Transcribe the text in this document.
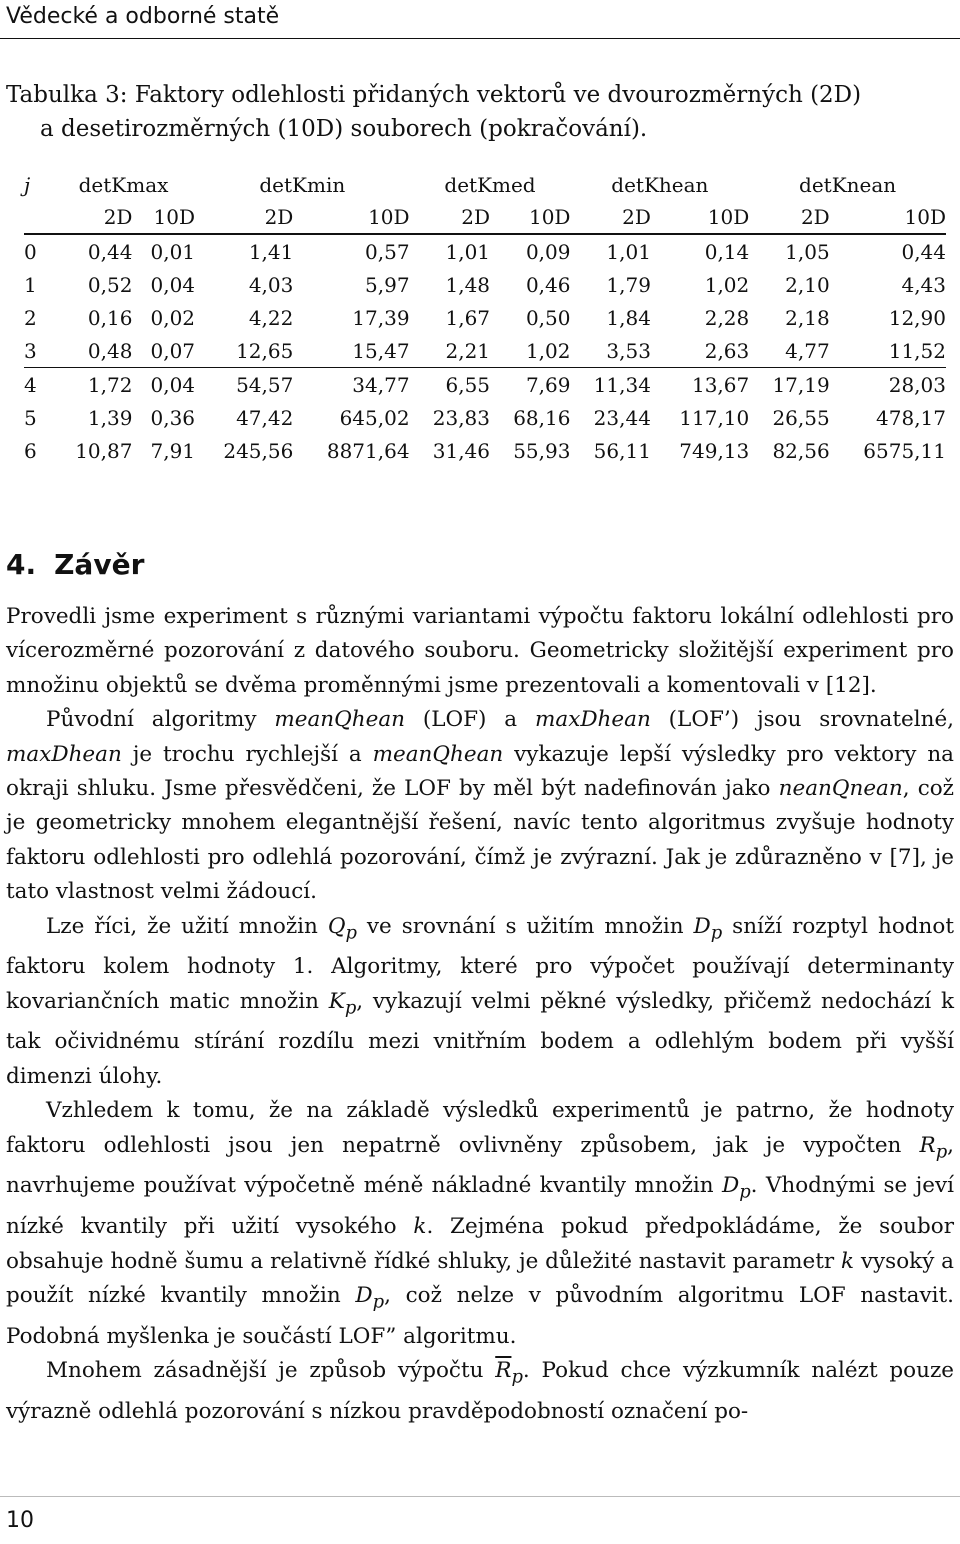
Vědecké a odborné statě
Tabulka 3: Faktory odlehlosti přidaných vektorů ve dvourozměrných (2D)
a desetirozměrných (10D) souborech (pokračování).
j	detKmax		detKmin		detKmed		detKhean		detKnean	
	2D	10D	2D	10D	2D	10D	2D	10D	2D	10D
0	0,44	0,01	1,41	0,57	1,01	0,09	1,01	0,14	1,05	0,44
1	0,52	0,04	4,03	5,97	1,48	0,46	1,79	1,02	2,10	4,43
2	0,16	0,02	4,22	17,39	1,67	0,50	1,84	2,28	2,18	12,90
3	0,48	0,07	12,65	15,47	2,21	1,02	3,53	2,63	4,77	11,52
4	1,72	0,04	54,57	34,77	6,55	7,69	11,34	13,67	17,19	28,03
5	1,39	0,36	47,42	645,02	23,83	68,16	23,44	117,10	26,55	478,17
6	10,87	7,91	245,56	8871,64	31,46	55,93	56,11	749,13	82,56	6575,11
4. Závěr

Provedli jsme experiment s různými variantami výpočtu faktoru lokální odlehlosti pro vícerozměrné pozorování z datového souboru. Geometricky složitější experiment pro množinu objektů se dvěma proměnnými jsme prezentovali a komentovali v [12].

Původní algoritmy meanQhean (LOF) a maxDhean (LOF’) jsou srovnatelné, maxDhean je trochu rychlejší a meanQhean vykazuje lepší výsledky pro vektory na okraji shluku. Jsme přesvědčeni, že LOF by měl být nadefinován jako neanQnean, což je geometricky mnohem elegantnější řešení, navíc tento algoritmus zvyšuje hodnoty faktoru odlehlosti pro odlehlá pozorování, čímž je zvýrazní. Jak je zdůrazněno v [7], je tato vlastnost velmi žádoucí.

Lze říci, že užití množin $Q_p$ ve srovnání s užitím množin $D_p$ sníží rozptyl hodnot faktoru kolem hodnoty 1. Algoritmy, které pro výpočet používají determinanty kovariančních matic množin $K_p$, vykazují velmi pěkné výsledky, přičemž nedochází k tak očividnému stírání rozdílu mezi vnitřním bodem a odlehlým bodem při vyšší dimenzi úlohy.

Vzhledem k tomu, že na základě výsledků experimentů je patrno, že hodnoty faktoru odlehlosti jsou jen nepatrně ovlivněny způsobem, jak je vypočten $R_p$, navrhujeme používat výpočetně méně nákladné kvantily množin $D_p$. Vhodnými se jeví nízké kvantily při užití vysokého k. Zejména pokud předpokládáme, že soubor obsahuje hodně šumu a relativně řídké shluky, je důležité nastavit parametr k vysoký a použít nízké kvantily množin $D_p$, což nelze v původním algoritmu LOF nastavit. Podobná myšlenka je součástí LOF” algoritmu.

Mnohem zásadnější je způsob výpočtu $\overline{R}_p$. Pokud chce výzkumník nalézt pouze výrazně odlehlá pozorování s nízkou pravděpodobností označení po-

10
